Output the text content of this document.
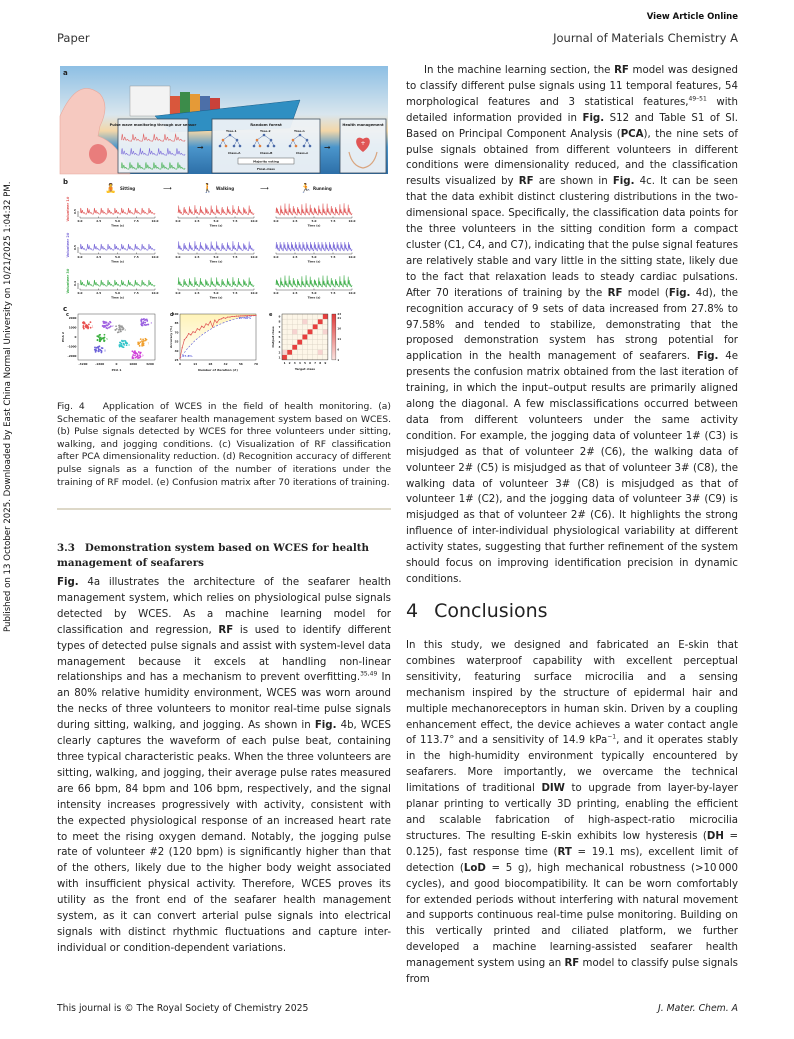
View Article Online
Paper	Journal of Materials Chemistry A
Published on 13 October 2025. Downloaded by East China Normal University on 10/21/2025 1:04:32 PM.
a
Pulse wave monitoring through our sensor
➞
Random forest
Tree-1	Tree-2	Tree-n
Class-A	Class-B	Class-n
Majority voting
Final-class
➞
Health management
+
b
🧘 Sitting	⟶	🚶 Walking	⟶	🏃 Running
Volunteer 1# 0.5
0.0	2.5	5.0	7.5	10.0
Time (s)
0.0	2.5	5.0	7.5	10.0
Time (s)
0.0	2.5	5.0	7.5	10.0
Time (s)
Volunteer 2# 0.5
0.0	2.5	5.0	7.5	10.0
Time (s)
0.0	2.5	5.0	7.5	10.0
Time (s)
0.0	2.5	5.0	7.5	10.0
Time (s)
Volunteer 3# 0.4
0.0	2.5	5.0	7.5	10.0
Time (s)
0.0	2.5	5.0	7.5	10.0
Time (s)
0.0	2.5	5.0	7.5	10.0
Time (s)
c
1	2
3
4
5
6	7
8
9
c
-3200	-1600	0	1600	3200
2000
1000
0
-1000
-2000
PCA 1
PCA 2
d
0	14	28	42	56	70
100
85
70
55
40
25
Number of iteration (#)
Accuracy (%)
27.8%
97.58%	e
1
1
2
2
3
3
4
4
5
5
6
6
7
7
8
8
9
9
Target class
Output class
23
21
16
11
6
1
Fig. 4 Application of WCES in the field of health monitoring. (a) Schematic of the seafarer health management system based on WCES. (b) Pulse signals detected by WCES for three volunteers under sitting, walking, and jogging conditions. (c) Visualization of RF classification after PCA dimensionality reduction. (d) Recognition accuracy of different pulse signals as a function of the number of iterations under the training of RF model. (e) Confusion matrix after 70 iterations of training.
3.3 Demonstration system based on WCES for health management of seafarers
Fig. 4a illustrates the architecture of the seafarer health management system, which relies on physiological pulse signals detected by WCES. As a machine learning model for classification and regression, RF is used to identify different types of detected pulse signals and assist with system-level data management because it excels at handling non-linear relationships and has a mechanism to prevent overfitting.$^{35,49}$ In an 80% relative humidity environment, WCES was worn around the necks of three volunteers to monitor real-time pulse signals during sitting, walking, and jogging. As shown in Fig. 4b, WCES clearly captures the waveform of each pulse beat, containing three typical characteristic peaks. When the three volunteers are sitting, walking, and jogging, their average pulse rates measured are 66 bpm, 84 bpm and 106 bpm, respectively, and the signal intensity increases progressively with activity, consistent with the expected physiological response of an increased heart rate to meet the rising oxygen demand. Notably, the jogging pulse rate of volunteer #2 (120 bpm) is significantly higher than that of the others, likely due to the higher body weight associated with insufficient physical activity. Therefore, WCES proves its utility as the front end of the seafarer health management system, as it can convert arterial pulse signals into electrical signals with distinct rhythmic fluctuations and capture inter-individual or condition-dependent variations.
In the machine learning section, the RF model was designed to classify different pulse signals using 11 temporal features, 54 morphological features and 3 statistical features,$^{49-51}$ with detailed information provided in Fig. S12 and Table S1 of SI. Based on Principal Component Analysis (PCA), the nine sets of pulse signals obtained from different volunteers in different conditions were dimensionality reduced, and the classification results visualized by RF are shown in Fig. 4c. It can be seen that the data exhibit distinct clustering distributions in the two-dimensional space. Specifically, the classification data points for the three volunteers in the sitting condition form a compact cluster (C1, C4, and C7), indicating that the pulse signal features are relatively stable and vary little in the sitting state, likely due to the fact that relaxation leads to steady cardiac pulsations. After 70 iterations of training by the RF model (Fig. 4d), the recognition accuracy of 9 sets of data increased from 27.8% to 97.58% and tended to stabilize, demonstrating that the proposed demonstration system has strong potential for application in the health management of seafarers. Fig. 4e presents the confusion matrix obtained from the last iteration of training, in which the input–output results are primarily aligned along the diagonal. A few misclassifications occurred between data from different volunteers under the same activity condition. For example, the jogging data of volunteer 1# (C3) is misjudged as that of volunteer 2# (C6), the walking data of volunteer 2# (C5) is misjudged as that of volunteer 3# (C8), the walking data of volunteer 3# (C8) is misjudged as that of volunteer 1# (C2), and the jogging data of volunteer 3# (C9) is misjudged as that of volunteer 2# (C6). It highlights the strong influence of inter-individual physiological variability at different activity states, suggesting that further refinement of the system should focus on improving identification precision in dynamic conditions.
4 Conclusions
In this study, we designed and fabricated an E-skin that combines waterproof capability with excellent perceptual sensitivity, featuring surface microcilia and a sensing mechanism inspired by the structure of epidermal hair and multiple mechanoreceptors in human skin. Driven by a coupling enhancement effect, the device achieves a water contact angle of 113.7° and a sensitivity of 14.9 kPa$^{-1}$, and it operates stably in the high-humidity environment typically encountered by seafarers. More importantly, we overcame the technical limitations of traditional DIW to upgrade from layer-by-layer planar printing to vertically 3D printing, enabling the efficient and scalable fabrication of high-aspect-ratio microcilia structures. The resulting E-skin exhibits low hysteresis (DH = 0.125), fast response time (RT = 19.1 ms), excellent limit of detection (LoD = 5 g), high mechanical robustness (>10 000 cycles), and good biocompatibility. It can be worn comfortably for extended periods without interfering with natural movement and supports continuous real-time pulse monitoring. Building on this vertically printed and ciliated platform, we further developed a machine learning-assisted seafarer health management system using an RF model to classify pulse signals from
This journal is © The Royal Society of Chemistry 2025	J. Mater. Chem. A
